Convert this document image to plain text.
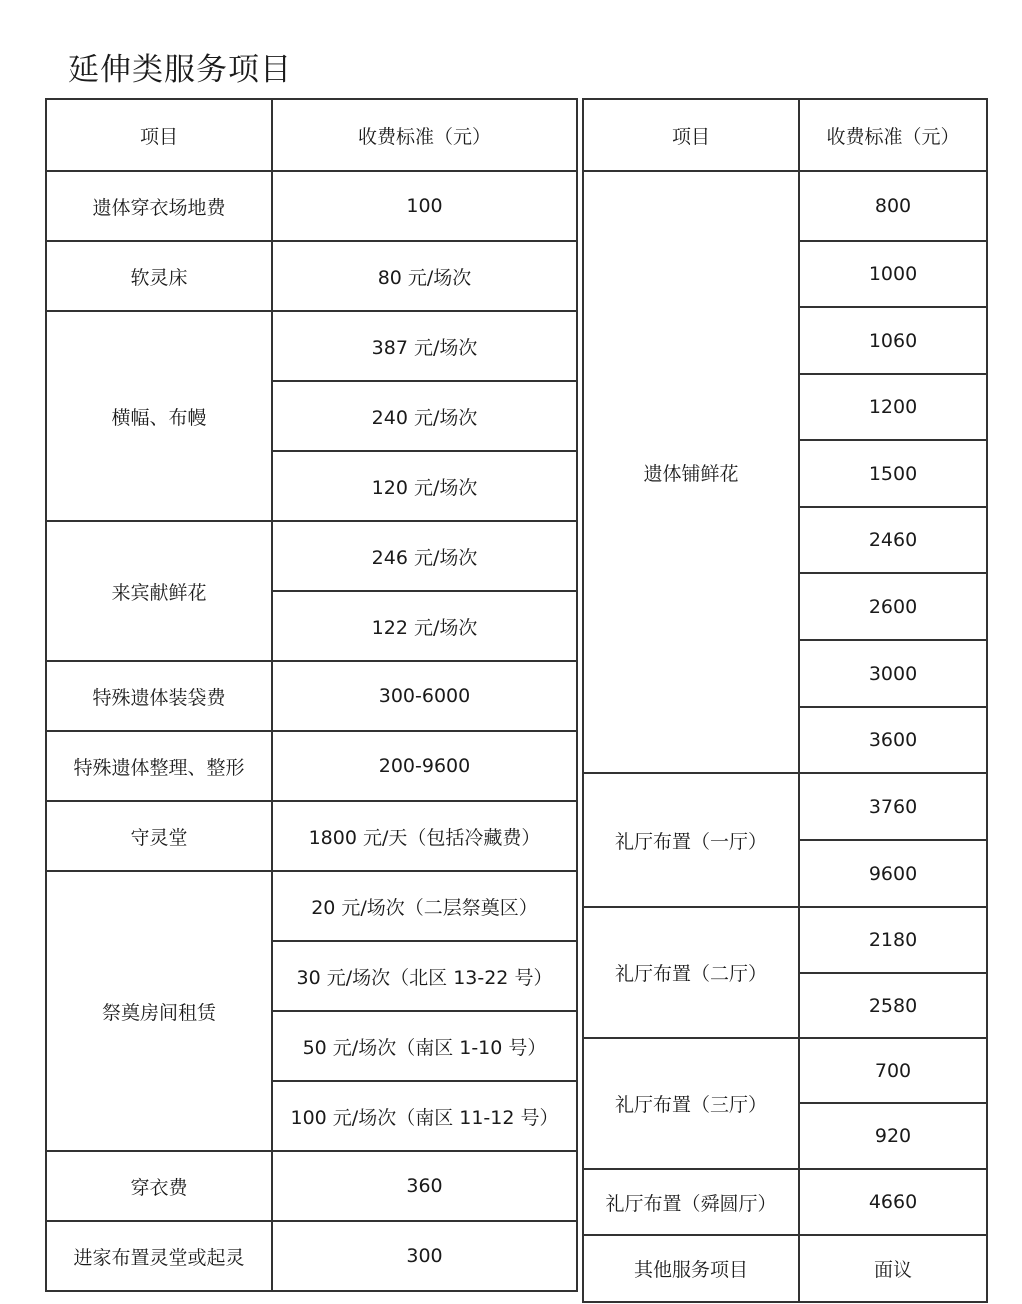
延伸类服务项目
项目	收费标准（元）
遗体穿衣场地费	100
软灵床	80 元/场次
横幅、布幔	387 元/场次
	240 元/场次
	120 元/场次
来宾献鲜花	246 元/场次
	122 元/场次
特殊遗体装袋费	300-6000
特殊遗体整理、整形	200-9600
守灵堂	1800 元/天（包括冷藏费）
祭奠房间租赁	20 元/场次（二层祭奠区）
	30 元/场次（北区 13-22 号）
	50 元/场次（南区 1-10 号）
	100 元/场次（南区 11-12 号）
穿衣费	360
进家布置灵堂或起灵	300
项目	收费标准（元）
遗体铺鲜花	800
	1000
	1060
	1200
	1500
	2460
	2600
	3000
	3600
礼厅布置（一厅）	3760
	9600
礼厅布置（二厅）	2180
	2580
礼厅布置（三厅）	700
	920
礼厅布置（舜圆厅）	4660
其他服务项目	面议
